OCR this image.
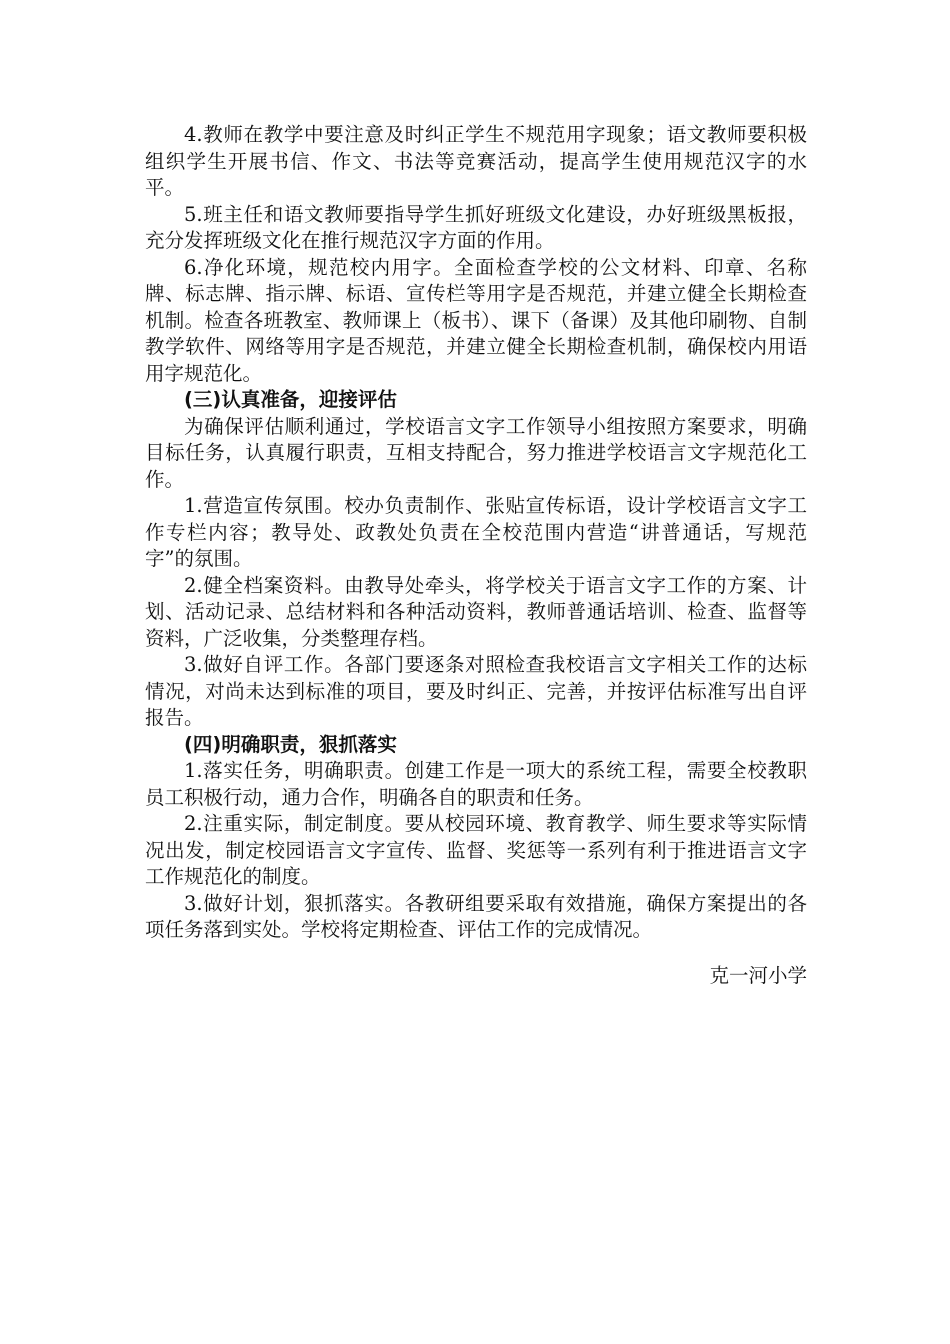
4.教师在教学中要注意及时纠正学生不规范用字现象；语文教师要积极组织学生开展书信、作文、书法等竞赛活动，提高学生使用规范汉字的水平。

5.班主任和语文教师要指导学生抓好班级文化建设，办好班级黑板报，充分发挥班级文化在推行规范汉字方面的作用。

6.净化环境，规范校内用字。全面检查学校的公文材料、印章、名称牌、标志牌、指示牌、标语、宣传栏等用字是否规范，并建立健全长期检查机制。检查各班教室、教师课上（板书）、课下（备课）及其他印刷物、自制教学软件、网络等用字是否规范，并建立健全长期检查机制，确保校内用语用字规范化。

(三)认真准备，迎接评估

为确保评估顺利通过，学校语言文字工作领导小组按照方案要求，明确目标任务，认真履行职责，互相支持配合，努力推进学校语言文字规范化工作。

1.营造宣传氛围。校办负责制作、张贴宣传标语，设计学校语言文字工作专栏内容；教导处、政教处负责在全校范围内营造“讲普通话，写规范字”的氛围。

2.健全档案资料。由教导处牵头，将学校关于语言文字工作的方案、计划、活动记录、总结材料和各种活动资料，教师普通话培训、检查、监督等资料，广泛收集，分类整理存档。

3.做好自评工作。各部门要逐条对照检查我校语言文字相关工作的达标情况，对尚未达到标准的项目，要及时纠正、完善，并按评估标准写出自评报告。

(四)明确职责，狠抓落实

1.落实任务，明确职责。创建工作是一项大的系统工程，需要全校教职员工积极行动，通力合作，明确各自的职责和任务。

2.注重实际，制定制度。要从校园环境、教育教学、师生要求等实际情况出发，制定校园语言文字宣传、监督、奖惩等一系列有利于推进语言文字工作规范化的制度。

3.做好计划，狠抓落实。各教研组要采取有效措施，确保方案提出的各项任务落到实处。学校将定期检查、评估工作的完成情况。

克一河小学
